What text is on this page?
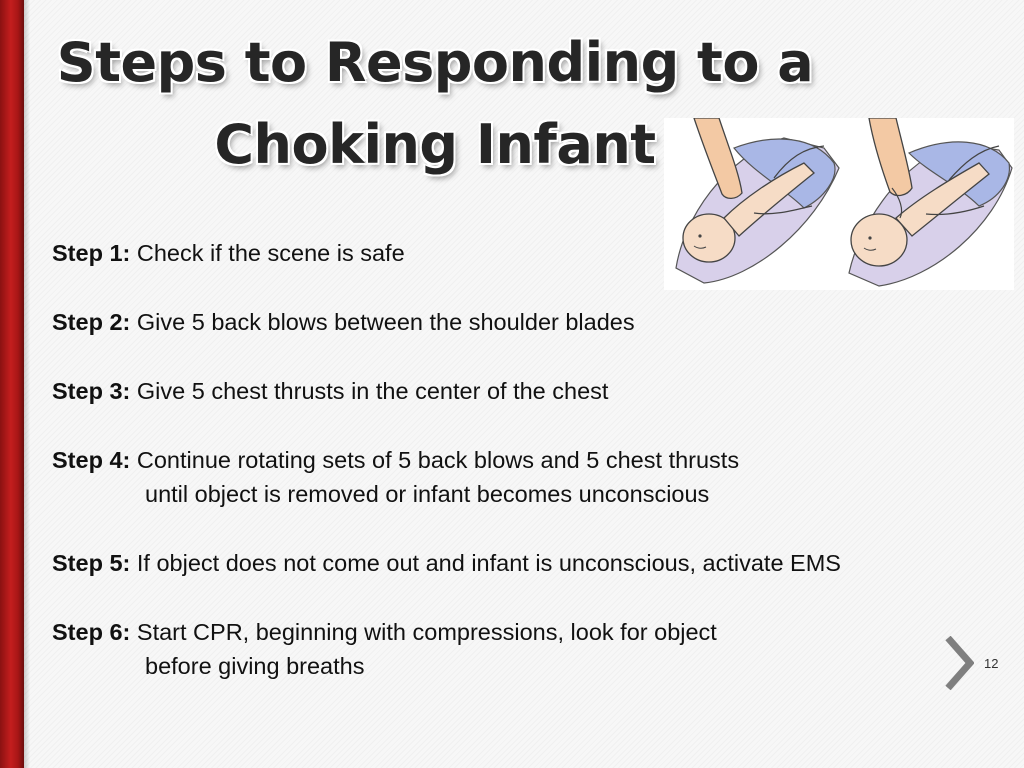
Steps to Responding to a
Choking Infant

Step 1: Check if the scene is safe

Step 2: Give 5 back blows between the shoulder blades

Step 3: Give 5 chest thrusts in the center of the chest

Step 4: Continue rotating sets of 5 back blows and 5 chest thrusts
until object is removed or infant becomes unconscious

Step 5: If object does not come out and infant is unconscious, activate EMS

Step 6: Start CPR, beginning with compressions, look for object
before giving breaths	12
